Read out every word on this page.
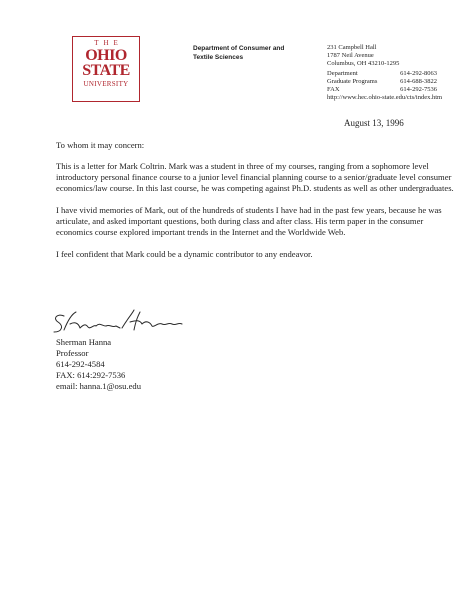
THE
OHIO
STATE
UNIVERSITY
Department of Consumer and
Textile Sciences
231 Campbell Hall
1787 Neil Avenue
Columbus, OH 43210-1295
Department	614-292-8063
Graduate Programs	614-688-3822
FAX	614-292-7536
http://www.hec.ohio-state.edu/cts/index.htm
August 13, 1996

To whom it may concern:

This is a letter for Mark Coltrin. Mark was a student in three of my courses, ranging from a sophomore level introductory personal finance course to a junior level financial planning course to a senior/graduate level consumer economics/law course. In this last course, he was competing against Ph.D. students as well as other undergraduates.

I have vivid memories of Mark, out of the hundreds of students I have had in the past few years, because he was articulate, and asked important questions, both during class and after class. His term paper in the consumer economics course explored important trends in the Internet and the Worldwide Web.

I feel confident that Mark could be a dynamic contributor to any endeavor.

Sherman Hanna
Professor
614-292-4584
FAX: 614:292-7536
email: hanna.1@osu.edu
